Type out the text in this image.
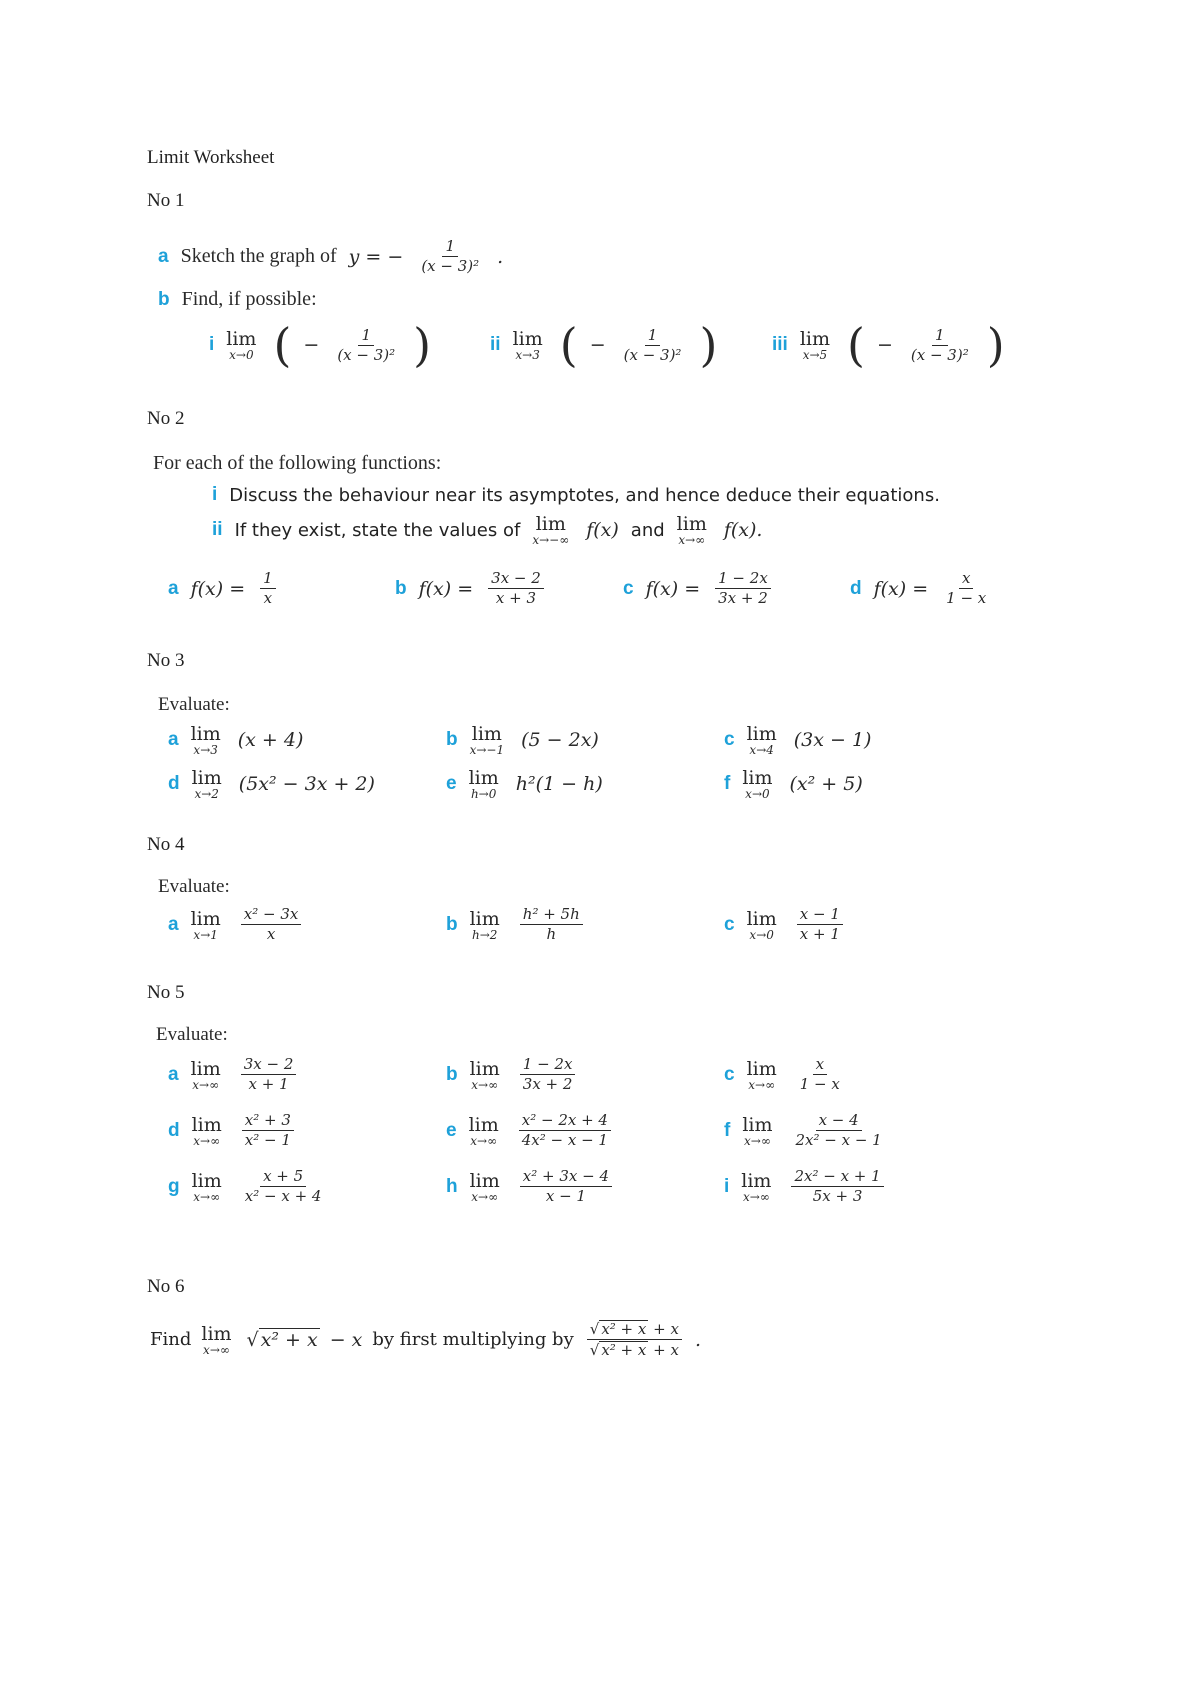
Limit Worksheet
No 1
a Sketch the graph of y = − $\frac{1}{\text{(x − 3)²}}$ .
b Find, if possible:
i lim
x→0 ( − $\frac{1}{\text{(x − 3)²}}$ )	ii lim
x→3 ( − $\frac{1}{\text{(x − 3)²}}$ )	iii lim
x→5 ( − $\frac{1}{\text{(x − 3)²}}$ )
No 2
For each of the following functions:
i Discuss the behaviour near its asymptotes, and hence deduce their equations.
ii If they exist, state the values of lim
x→−∞ f(x) and lim
x→∞ f(x).
a $f(x) = \frac{1}{x}$	b $f(x) = \frac{3x - 2}{x + 3}$	c $f(x) = \frac{1 - 2x}{3x + 2}$	d $f(x) = \frac{x}{1 - x}$
No 3
Evaluate:
a lim
x→3 (x + 4)	b lim
x→−1 (5 − 2x)	c lim
x→4 (3x − 1)
d lim
x→2 (5x² − 3x + 2)	e lim
h→0 h²(1 − h)	f lim
x→0 (x² + 5)
No 4
Evaluate:
a lim
$x\to 1 \frac{\text{x² − 3x}}{x}$	b lim
$h\to 2 \frac{\text{h² + 5h}}{h}$	c lim
$x\to 0 \frac{x - 1}{x + 1}$
No 5
Evaluate:
a lim
$x\to\infty \frac{3x - 2}{x + 1}$	b lim
$x\to\infty \frac{1 - 2x}{3x + 2}$	c lim
$x\to\infty \frac{x}{1 - x}$
d lim
$x\to\infty \frac{\text{x² + 3}}{\text{x² − 1}}$	e lim
$x\to\infty \frac{\text{x² − 2x + 4}}{\text{4x² − x − 1}}$	f lim
$x\to\infty \frac{x - 4}{\text{2x² − x − 1}}$
g lim
$x\to\infty \frac{x + 5}{\text{x² − x + 4}}$	h lim
$x\to\infty \frac{\text{x² + 3x − 4}}{x - 1}$	i lim
$x\to\infty \frac{\text{2x² − x + 1}}{5x + 3}$
No 6
Find lim
x→∞ √ x² + x − x by first multiplying by $\frac{\text{√ x² + x + x}}{\text{√ x² + x + x}}$ .
